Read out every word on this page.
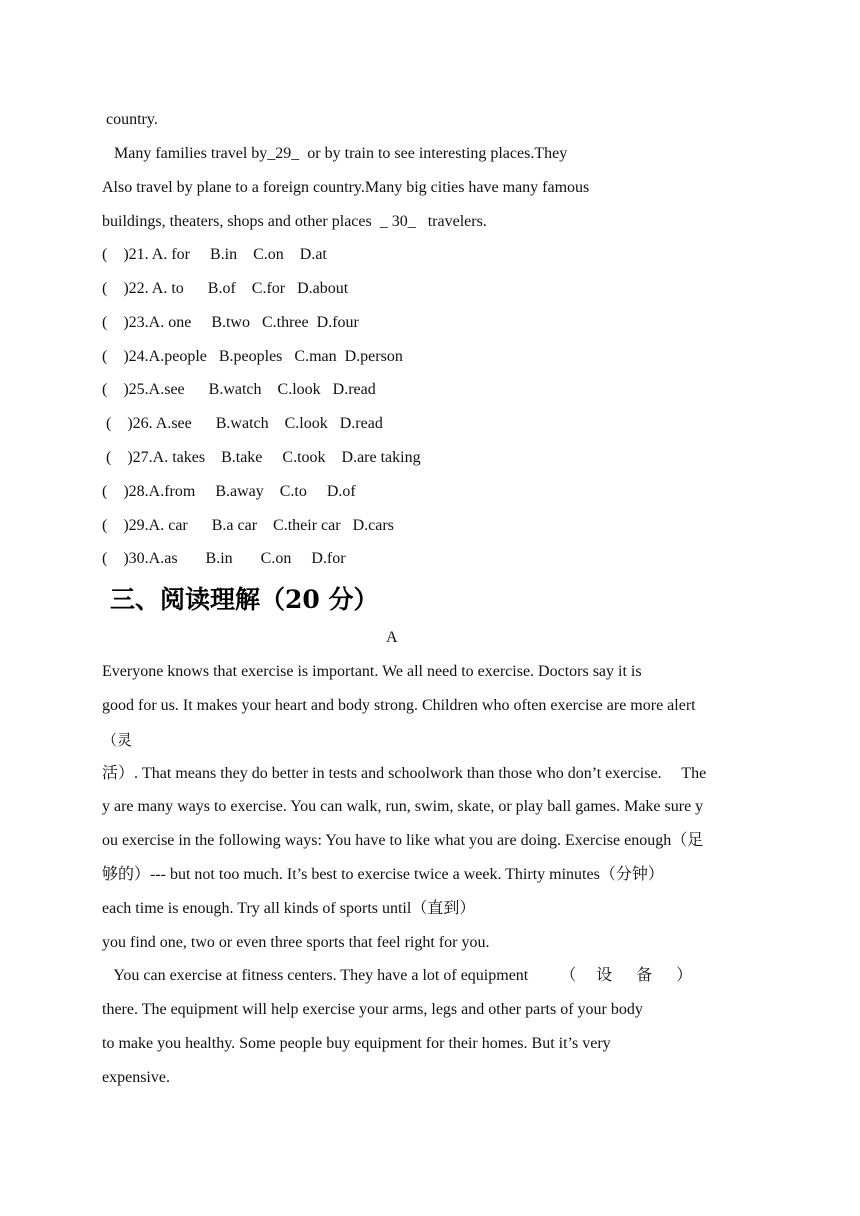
country.
Many families travel by_29_  or by train to see interesting places.They
Also travel by plane to a foreign country.Many big cities have many famous
buildings, theaters, shops and other places  _ 30_   travelers.
(    )21. A. for     B.in    C.on    D.at
(    )22. A. to      B.of    C.for   D.about
(    )23.A. one     B.two   C.three  D.four
(    )24.A.people   B.peoples   C.man  D.person
(    )25.A.see      B.watch    C.look   D.read
(    )26. A.see      B.watch    C.look   D.read
(    )27.A. takes    B.take     C.took    D.are taking
(    )28.A.from     B.away    C.to     D.of
(    )29.A. car      B.a car    C.their car   D.cars
(    )30.A.as       B.in       C.on     D.for
三、阅读理解（20 分）
A
Everyone knows that exercise is important. We all need to exercise. Doctors say it is
good for us. It makes your heart and body strong. Children who often exercise are more alert
（灵
活）. That means they do better in tests and schoolwork than those who don’t exercise.     The
y are many ways to exercise. You can walk, run, swim, skate, or play ball games. Make sure y
ou exercise in the following ways: You have to like what you are doing. Exercise enough（足
够的）--- but not too much. It’s best to exercise twice a week. Thirty minutes（分钟）
each time is enough. Try all kinds of sports until（直到）
you find one, two or even three sports that feel right for you.
You can exercise at fitness centers. They have a lot of equipment        （     设      备      ）
there. The equipment will help exercise your arms, legs and other parts of your body
to make you healthy. Some people buy equipment for their homes. But it’s very
expensive.
